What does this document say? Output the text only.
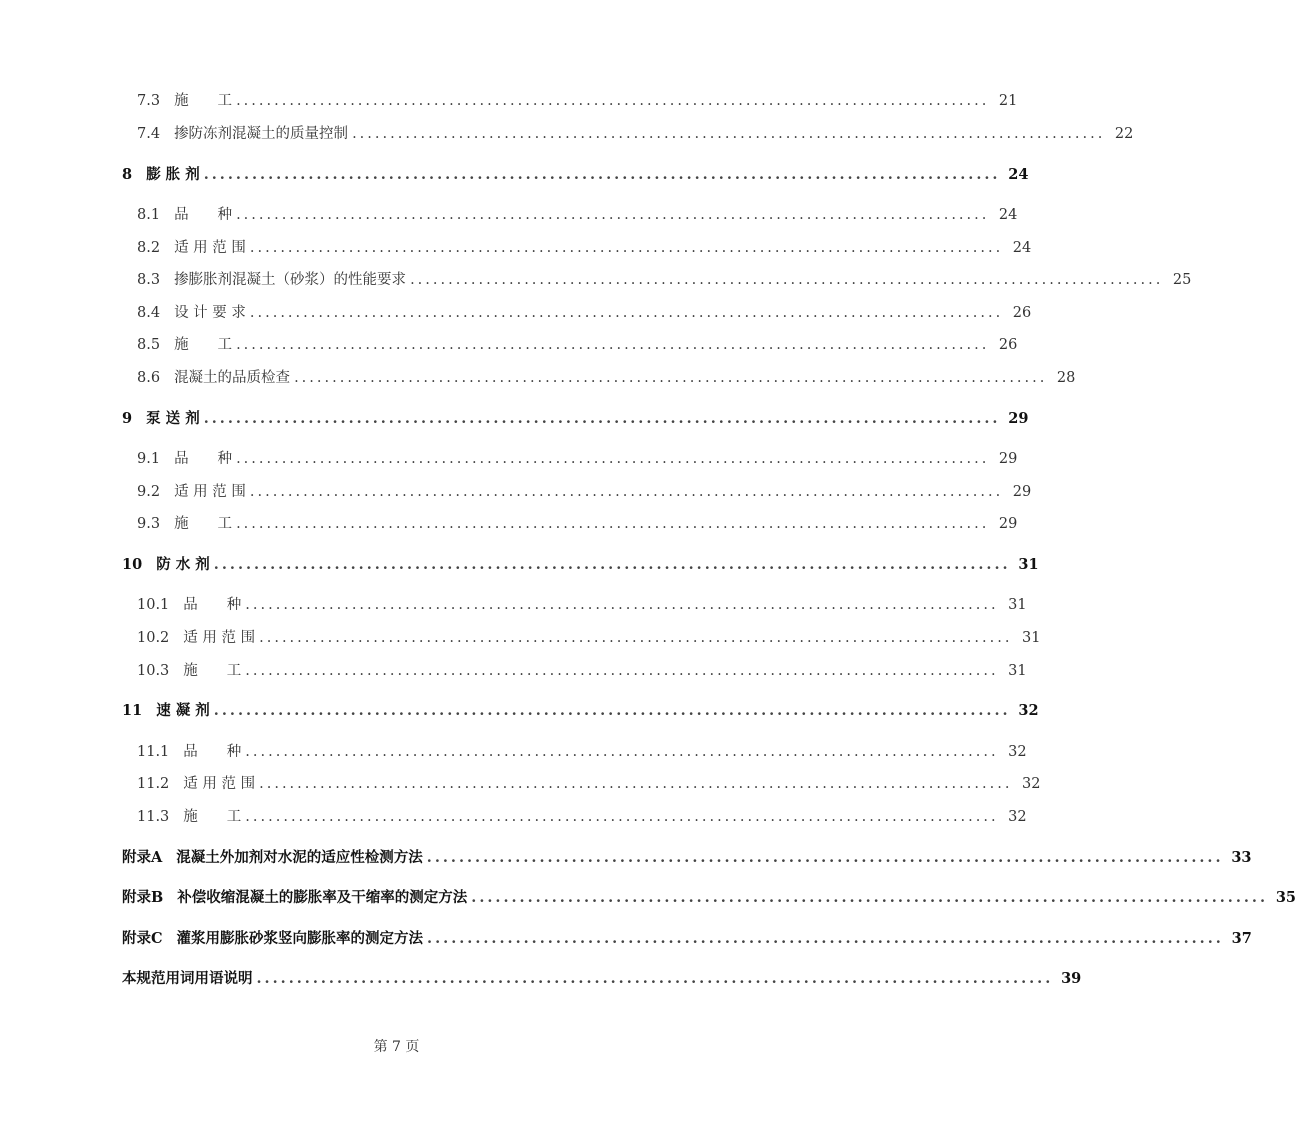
7.3 施　　工 ................................................................................................... 21
7.4 掺防冻剂混凝土的质量控制 ................................................................................................... 22
8 膨 胀 剂 ................................................................................................... 24
8.1 品　　种 ................................................................................................... 24
8.2 适 用 范 围 ................................................................................................... 24
8.3 掺膨胀剂混凝土（砂浆）的性能要求 ................................................................................................... 25
8.4 设 计 要 求 ................................................................................................... 26
8.5 施　　工 ................................................................................................... 26
8.6 混凝土的品质检查 ................................................................................................... 28
9 泵 送 剂 ................................................................................................... 29
9.1 品　　种 ................................................................................................... 29
9.2 适 用 范 围 ................................................................................................... 29
9.3 施　　工 ................................................................................................... 29
10 防 水 剂 ................................................................................................... 31
10.1 品　　种 ................................................................................................... 31
10.2 适 用 范 围 ................................................................................................... 31
10.3 施　　工 ................................................................................................... 31
11 速 凝 剂 ................................................................................................... 32
11.1 品　　种 ................................................................................................... 32
11.2 适 用 范 围 ................................................................................................... 32
11.3 施　　工 ................................................................................................... 32
附录A 混凝土外加剂对水泥的适应性检测方法 ................................................................................................... 33
附录B 补偿收缩混凝土的膨胀率及干缩率的测定方法 ................................................................................................... 35
附录C 灌浆用膨胀砂浆竖向膨胀率的测定方法 ................................................................................................... 37
本规范用词用语说明 ................................................................................................... 39
第 7 页
